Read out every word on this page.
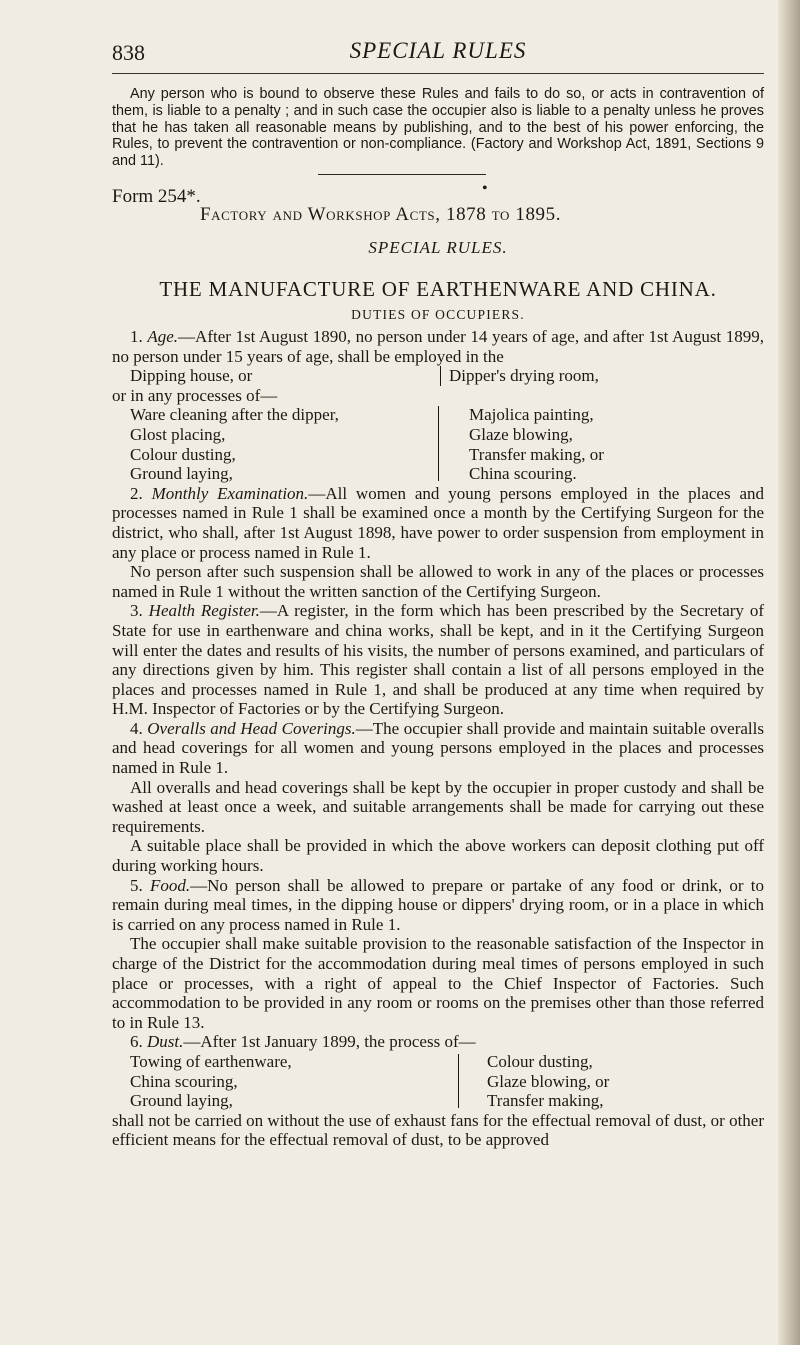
838	SPECIAL RULES

Any person who is bound to observe these Rules and fails to do so, or acts in contravention of them, is liable to a penalty ; and in such case the occupier also is liable to a penalty unless he proves that he has taken all reasonable means by publishing, and to the best of his power enforcing, the Rules, to prevent the contravention or non-compliance. (Factory and Workshop Act, 1891, Sections 9 and 11).

•
Form 254*.
Factory and Workshop Acts, 1878 to 1895.
SPECIAL RULES.
THE MANUFACTURE OF EARTHENWARE AND CHINA.
DUTIES OF OCCUPIERS.

1. Age.—After 1st August 1890, no person under 14 years of age, and after 1st August 1899, no person under 15 years of age, shall be employed in the

Dipping house, or	Dipper's drying room,

or in any processes of—

Ware cleaning after the dipper,
Glost placing,
Colour dusting,
Ground laying,
Majolica painting,
Glaze blowing,
Transfer making, or
China scouring.

2. Monthly Examination.—All women and young persons employed in the places and processes named in Rule 1 shall be examined once a month by the Certifying Surgeon for the district, who shall, after 1st August 1898, have power to order suspension from employment in any place or process named in Rule 1.

No person after such suspension shall be allowed to work in any of the places or processes named in Rule 1 without the written sanction of the Certifying Surgeon.

3. Health Register.—A register, in the form which has been prescribed by the Secretary of State for use in earthenware and china works, shall be kept, and in it the Certifying Surgeon will enter the dates and results of his visits, the number of persons examined, and particulars of any directions given by him. This register shall contain a list of all persons employed in the places and processes named in Rule 1, and shall be produced at any time when required by H.M. Inspector of Factories or by the Certifying Surgeon.

4. Overalls and Head Coverings.—The occupier shall provide and maintain suitable overalls and head coverings for all women and young persons employed in the places and processes named in Rule 1.

All overalls and head coverings shall be kept by the occupier in proper custody and shall be washed at least once a week, and suitable arrangements shall be made for carrying out these requirements.

A suitable place shall be provided in which the above workers can deposit clothing put off during working hours.

5. Food.—No person shall be allowed to prepare or partake of any food or drink, or to remain during meal times, in the dipping house or dippers' drying room, or in a place in which is carried on any process named in Rule 1.

The occupier shall make suitable provision to the reasonable satisfaction of the Inspector in charge of the District for the accommodation during meal times of persons employed in such place or processes, with a right of appeal to the Chief Inspector of Factories. Such accommodation to be provided in any room or rooms on the premises other than those referred to in Rule 13.

6. Dust.—After 1st January 1899, the process of—

Towing of earthenware,
China scouring,
Ground laying,
Colour dusting,
Glaze blowing, or
Transfer making,

shall not be carried on without the use of exhaust fans for the effectual removal of dust, or other efficient means for the effectual removal of dust, to be approved
